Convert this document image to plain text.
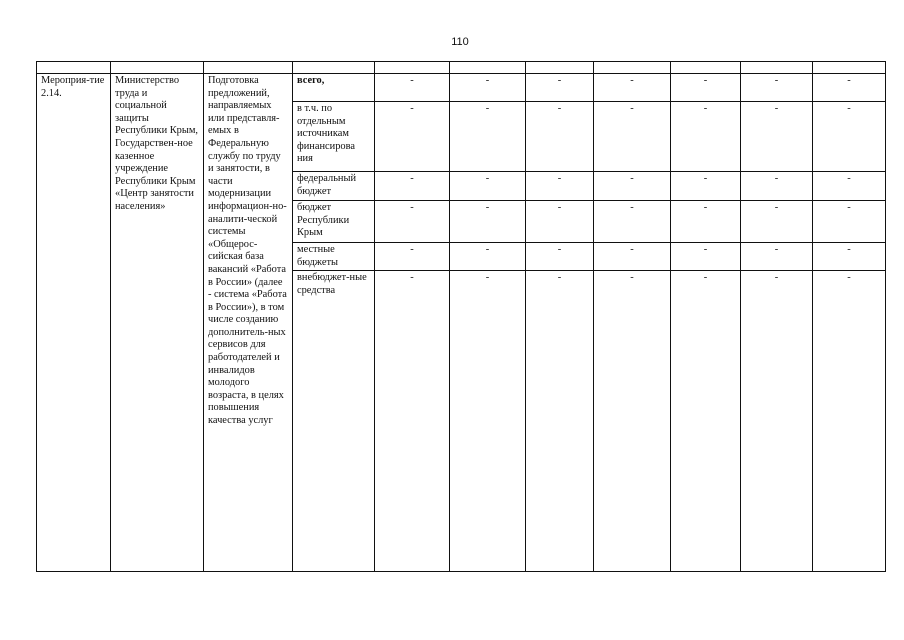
110

Мероприя-тие 2.14.	Министерство труда и социальной защиты Республики Крым, Государствен-ное казенное учреждение Республики Крым «Центр занятости населения»	Подготовка предложений, направляемых или представля-емых в Федеральную службу по труду и занятости, в части модернизации информацион-но-аналити-ческой системы «Общерос-сийская база вакансий «Работа в России» (далее - система «Работа в России»), в том числе созданию дополнитель-ных сервисов для работодателей и инвалидов молодого возраста, в целях повышения качества услуг	всего,	-	-	-	-	-	-	-
			в т.ч. по отдельным источникам финансирова ния	-	-	-	-	-	-	-
			федеральный бюджет	-	-	-	-	-	-	-
			бюджет Республики Крым	-	-	-	-	-	-	-
			местные бюджеты	-	-	-	-	-	-	-
			внебюджет-ные средства	-	-	-	-	-	-	-
